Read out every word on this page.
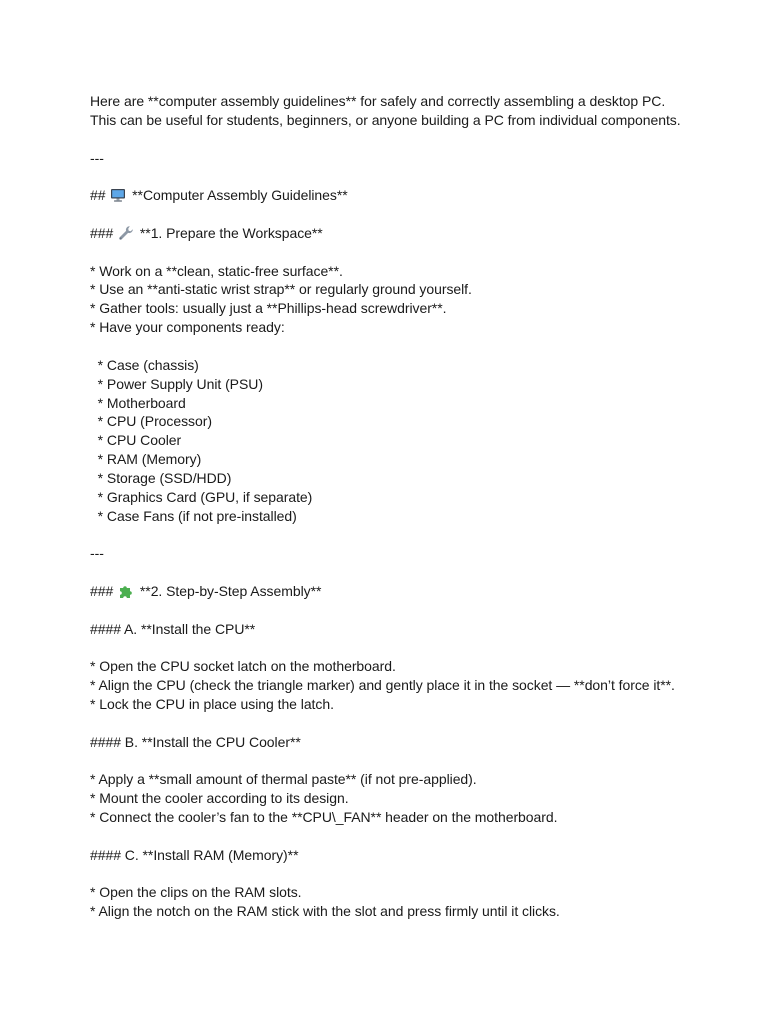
Here are **computer assembly guidelines** for safely and correctly assembling a desktop PC.
This can be useful for students, beginners, or anyone building a PC from individual components.
---
##
**Computer Assembly Guidelines**
###
**1. Prepare the Workspace**
* Work on a **clean, static-free surface**.
* Use an **anti-static wrist strap** or regularly ground yourself.
* Gather tools: usually just a **Phillips-head screwdriver**.
* Have your components ready:
* Case (chassis)
* Power Supply Unit (PSU)
* Motherboard
* CPU (Processor)
* CPU Cooler
* RAM (Memory)
* Storage (SSD/HDD)
* Graphics Card (GPU, if separate)
* Case Fans (if not pre-installed)
---
###
**2. Step-by-Step Assembly**
#### A. **Install the CPU**
* Open the CPU socket latch on the motherboard.
* Align the CPU (check the triangle marker) and gently place it in the socket — **don’t force it**.
* Lock the CPU in place using the latch.
#### B. **Install the CPU Cooler**
* Apply a **small amount of thermal paste** (if not pre-applied).
* Mount the cooler according to its design.
* Connect the cooler’s fan to the **CPU\_FAN** header on the motherboard.
#### C. **Install RAM (Memory)**
* Open the clips on the RAM slots.
* Align the notch on the RAM stick with the slot and press firmly until it clicks.
